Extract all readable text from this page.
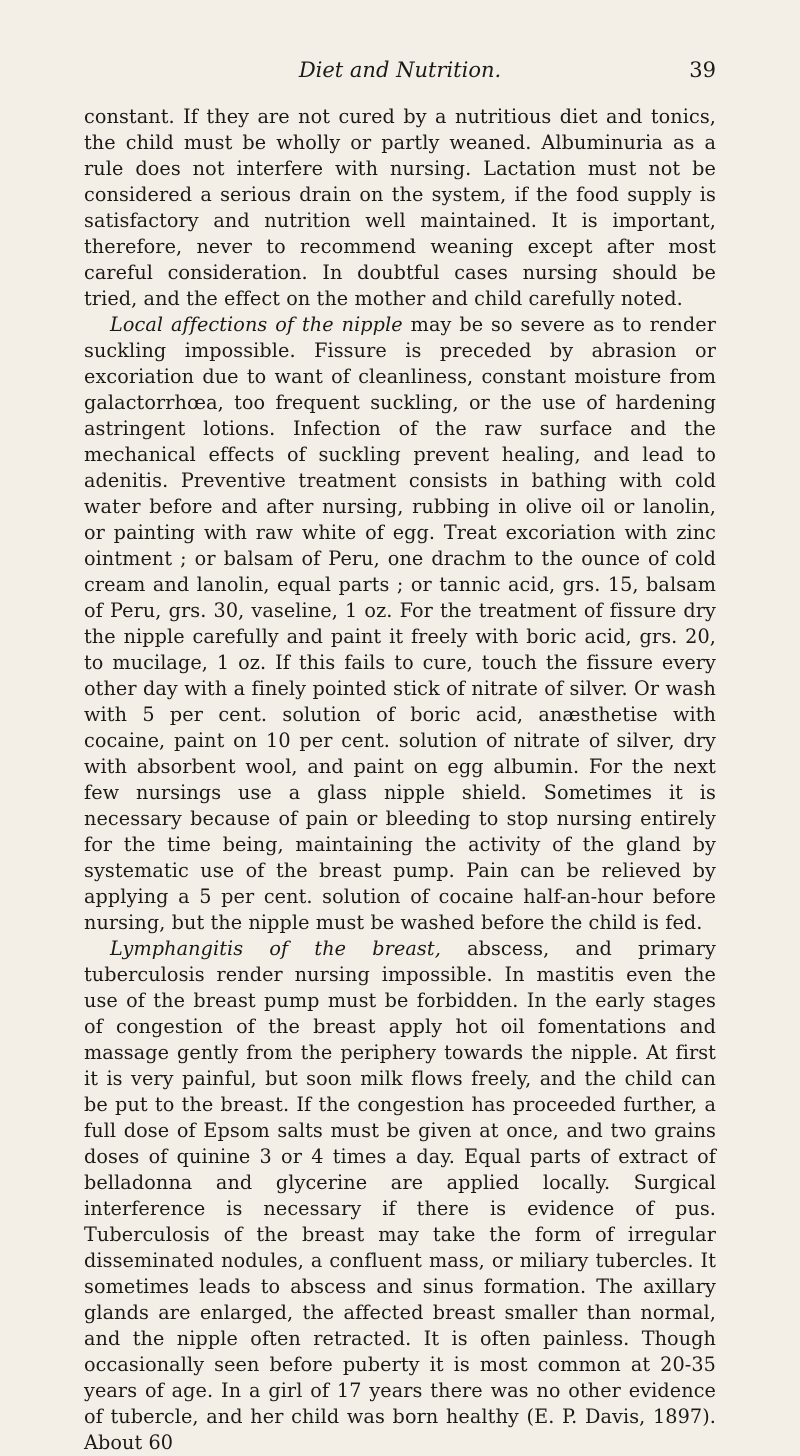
Diet and Nutrition.	39

constant. If they are not cured by a nutritious diet and tonics, the child must be wholly or partly weaned. Albuminuria as a rule does not interfere with nursing. Lactation must not be considered a serious drain on the system, if the food supply is satisfactory and nutrition well maintained. It is important, therefore, never to recommend weaning except after most careful consideration. In doubtful cases nursing should be tried, and the effect on the mother and child carefully noted.

Local affections of the nipple may be so severe as to render suckling impossible. Fissure is preceded by abrasion or excoriation due to want of cleanliness, constant moisture from galactorrhœa, too frequent suckling, or the use of hardening astringent lotions. Infection of the raw surface and the mechanical effects of suckling prevent healing, and lead to adenitis. Preventive treatment consists in bathing with cold water before and after nursing, rubbing in olive oil or lanolin, or painting with raw white of egg. Treat excoriation with zinc ointment ; or balsam of Peru, one drachm to the ounce of cold cream and lanolin, equal parts ; or tannic acid, grs. 15, balsam of Peru, grs. 30, vaseline, 1 oz. For the treatment of fissure dry the nipple carefully and paint it freely with boric acid, grs. 20, to mucilage, 1 oz. If this fails to cure, touch the fissure every other day with a finely pointed stick of nitrate of silver. Or wash with 5 per cent. solution of boric acid, anæsthetise with cocaine, paint on 10 per cent. solution of nitrate of silver, dry with absorbent wool, and paint on egg albumin. For the next few nursings use a glass nipple shield. Sometimes it is necessary because of pain or bleeding to stop nursing entirely for the time being, maintaining the activity of the gland by systematic use of the breast pump. Pain can be relieved by applying a 5 per cent. solution of cocaine half-an-hour before nursing, but the nipple must be washed before the child is fed.

Lymphangitis of the breast, abscess, and primary tuberculosis render nursing impossible. In mastitis even the use of the breast pump must be forbidden. In the early stages of congestion of the breast apply hot oil fomentations and massage gently from the periphery towards the nipple. At first it is very painful, but soon milk flows freely, and the child can be put to the breast. If the congestion has proceeded further, a full dose of Epsom salts must be given at once, and two grains doses of quinine 3 or 4 times a day. Equal parts of extract of belladonna and glycerine are applied locally. Surgical interference is necessary if there is evidence of pus. Tuberculosis of the breast may take the form of irregular disseminated nodules, a confluent mass, or miliary tubercles. It sometimes leads to abscess and sinus formation. The axillary glands are enlarged, the affected breast smaller than normal, and the nipple often retracted. It is often painless. Though occasionally seen before puberty it is most common at 20-35 years of age. In a girl of 17 years there was no other evidence of tubercle, and her child was born healthy (E. P. Davis, 1897). About 60
